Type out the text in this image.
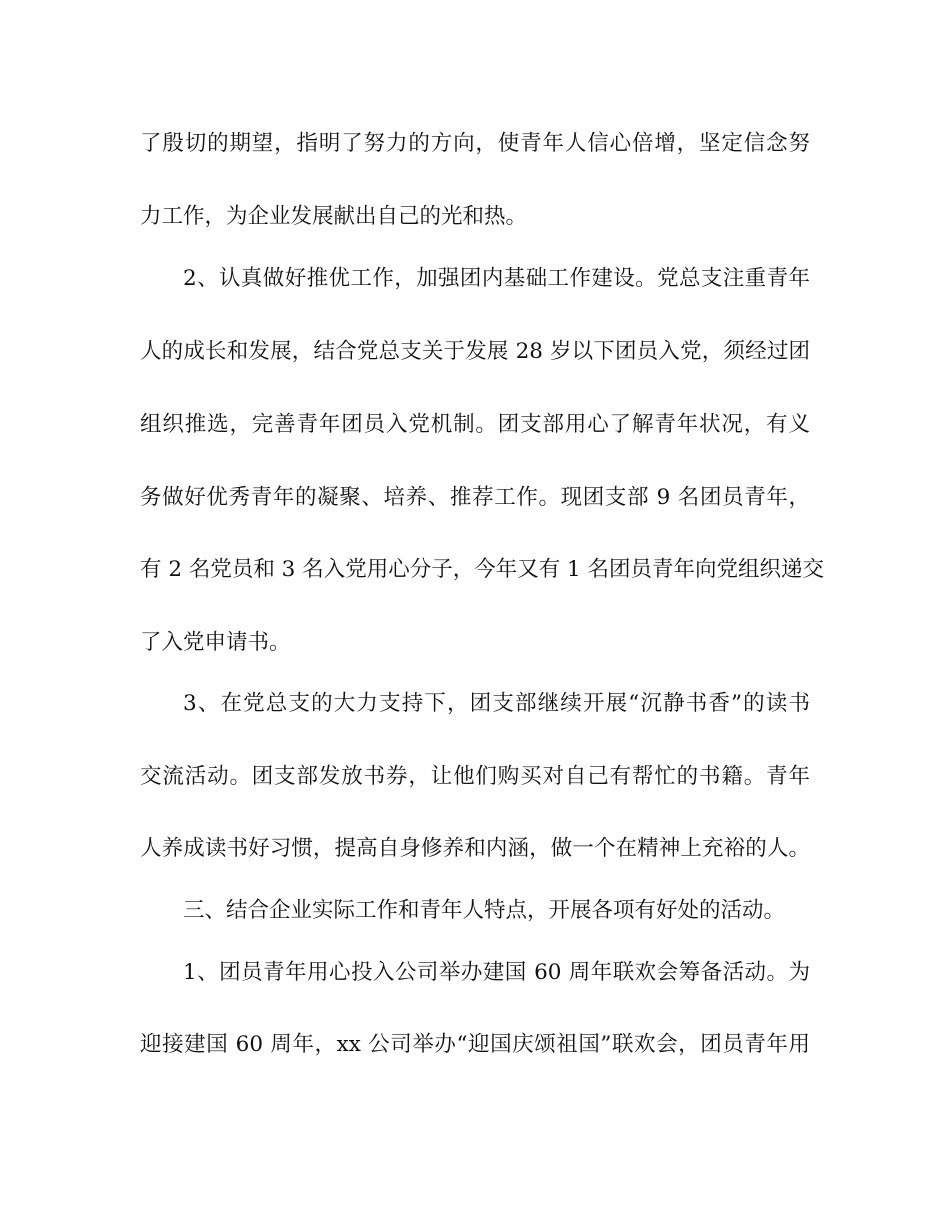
了殷切的期望，指明了努力的方向，使青年人信心倍增，坚定信念努
力工作，为企业发展献出自己的光和热。
2、认真做好推优工作，加强团内基础工作建设。党总支注重青年
人的成长和发展，结合党总支关于发展 28 岁以下团员入党，须经过团
组织推选，完善青年团员入党机制。团支部用心了解青年状况，有义
务做好优秀青年的凝聚、培养、推荐工作。现团支部 9 名团员青年，
有 2 名党员和 3 名入党用心分子，今年又有 1 名团员青年向党组织递交
了入党申请书。
3、在党总支的大力支持下，团支部继续开展“沉静书香”的读书
交流活动。团支部发放书券，让他们购买对自己有帮忙的书籍。青年
人养成读书好习惯，提高自身修养和内涵，做一个在精神上充裕的人。
三、结合企业实际工作和青年人特点，开展各项有好处的活动。
1、团员青年用心投入公司举办建国 60 周年联欢会筹备活动。为
迎接建国 60 周年，xx 公司举办“迎国庆颂祖国”联欢会，团员青年用
